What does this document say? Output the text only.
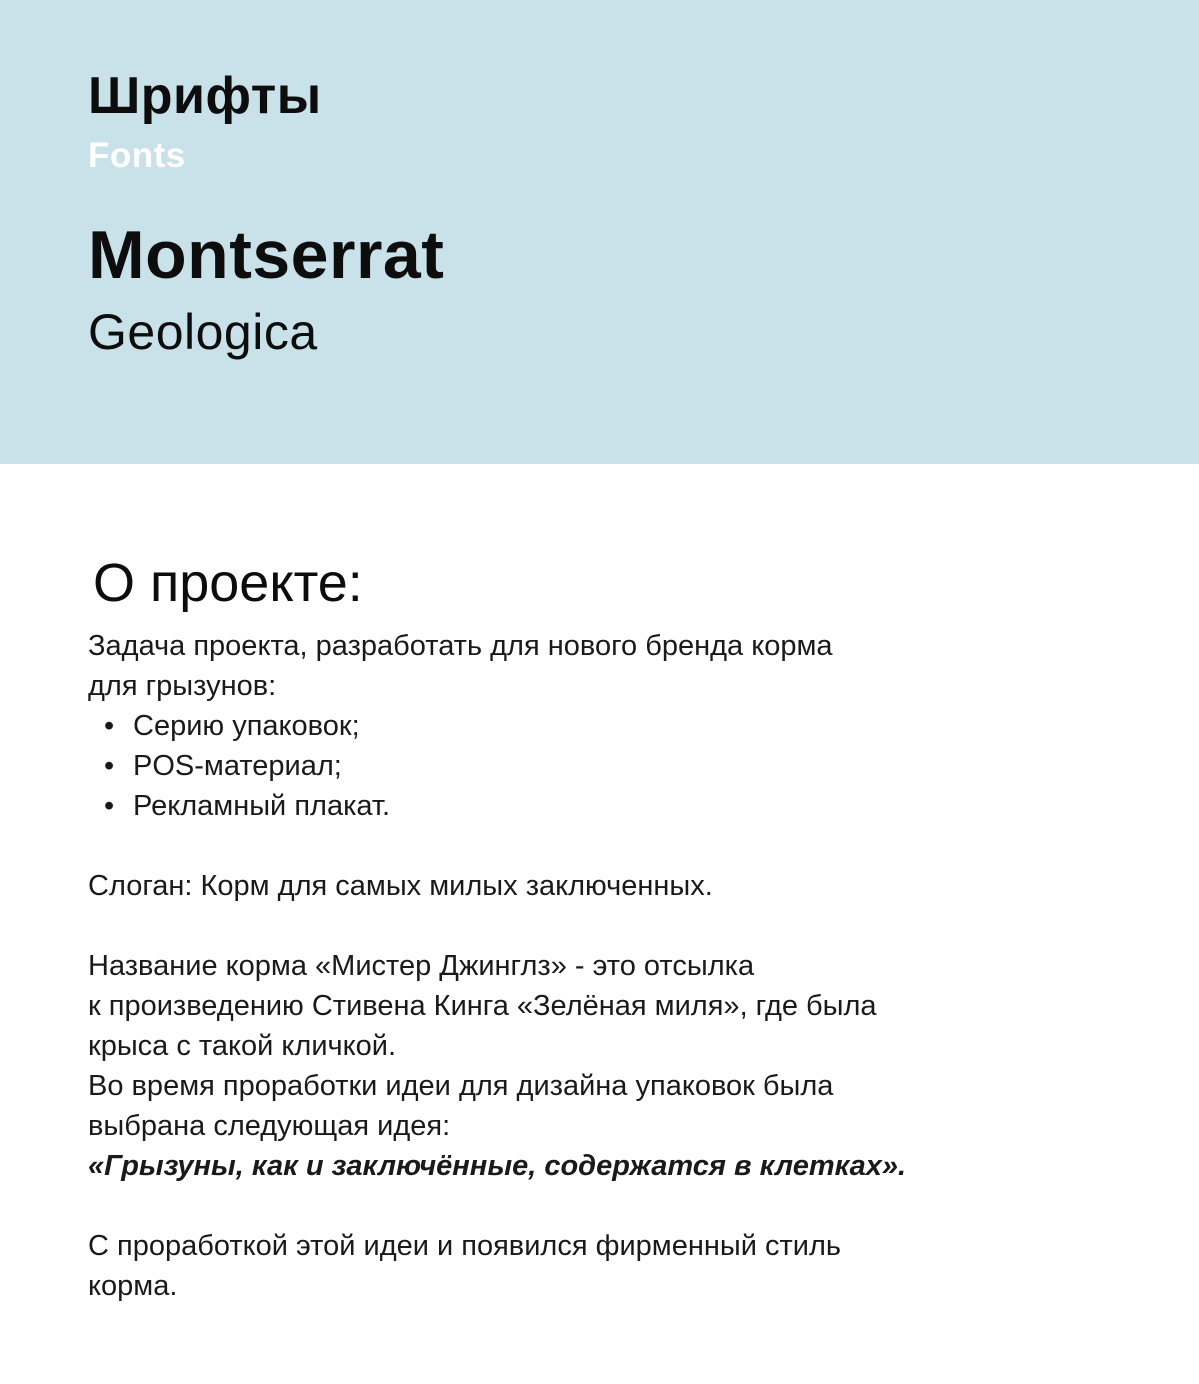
Шрифты
Fonts
Montserrat
Geologica
О проекте:
Задача проекта, разработать для нового бренда корма
для грызунов:
• Серию упаковок;
• POS-материал;
• Рекламный плакат.
Слоган: Корм для самых милых заключенных.
Название корма «Мистер Джинглз» - это отсылка
к произведению Стивена Кинга «Зелёная миля», где была
крыса с такой кличкой.
Во время проработки идеи для дизайна упаковок была
выбрана следующая идея:
«Грызуны, как и заключённые, содержатся в клетках».
С проработкой этой идеи и появился фирменный стиль
корма.
